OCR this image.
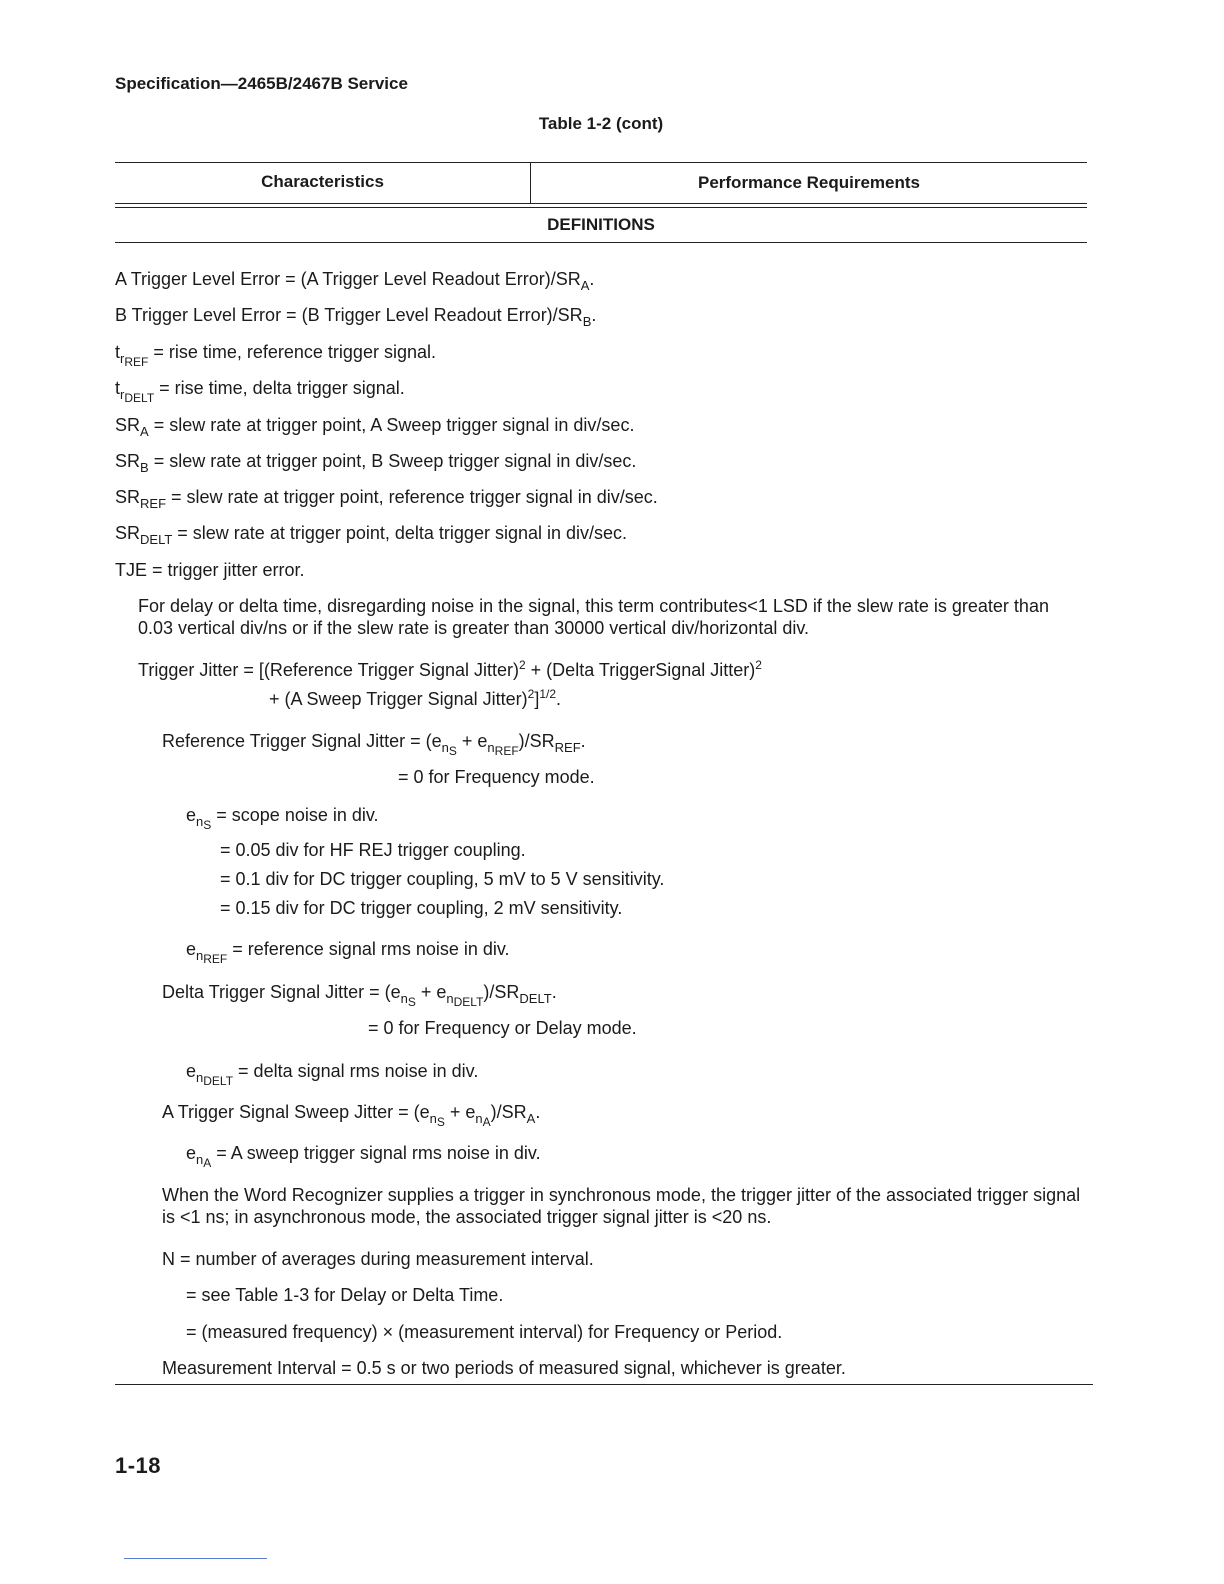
Specification—2465B/2467B Service
Table 1-2 (cont)
Characteristics	Performance Requirements
DEFINITIONS
A Trigger Level Error = (A Trigger Level Readout $Error)/SR_A$.
B Trigger Level Error = (B Trigger Level Readout $Error)/SR_B$.
$t_{r_{REF}}$ = rise time, reference trigger signal.
$t_{r_{DELT}}$ = rise time, delta trigger signal.
$SR_A$ = slew rate at trigger point, A Sweep trigger signal in div/sec.
$SR_B$ = slew rate at trigger point, B Sweep trigger signal in div/sec.
$SR_{REF}$ = slew rate at trigger point, reference trigger signal in div/sec.
$SR_{DELT}$ = slew rate at trigger point, delta trigger signal in div/sec.
TJE = trigger jitter error.
For delay or delta time, disregarding noise in the signal, this term contributes<1 LSD if the slew rate is greater than
0.03 vertical div/ns or if the slew rate is greater than 30000 vertical div/horizontal div.
Trigger Jitter = [(Reference Trigger Signal Jitter)$^2$ + (Delta TriggerSignal Jitter)$^2$
+ (A Sweep Trigger Signal Jitter)$^2$]$^{1/2}$.
Reference Trigger Signal Jitter = $(e_{n_S} + e_{n_{REF}})/SR_{REF}$.
= 0 for Frequency mode.
$e_{n_S}$ = scope noise in div.
= 0.05 div for HF REJ trigger coupling.
= 0.1 div for DC trigger coupling, 5 mV to 5 V sensitivity.
= 0.15 div for DC trigger coupling, 2 mV sensitivity.
$e_{n_{REF}}$ = reference signal rms noise in div.
Delta Trigger Signal Jitter = $(e_{n_S} + e_{n_{DELT}})/SR_{DELT}$.
= 0 for Frequency or Delay mode.
$e_{n_{DELT}}$ = delta signal rms noise in div.
A Trigger Signal Sweep Jitter = $(e_{n_S} + e_{n_A})/SR_A$.
$e_{n_A} = A$ sweep trigger signal rms noise in div.
When the Word Recognizer supplies a trigger in synchronous mode, the trigger jitter of the associated trigger signal
is <1 ns; in asynchronous mode, the associated trigger signal jitter is <20 ns.
N = number of averages during measurement interval.
= see Table 1-3 for Delay or Delta Time.
= (measured frequency) × (measurement interval) for Frequency or Period.
Measurement Interval = 0.5 s or two periods of measured signal, whichever is greater.
1-18
